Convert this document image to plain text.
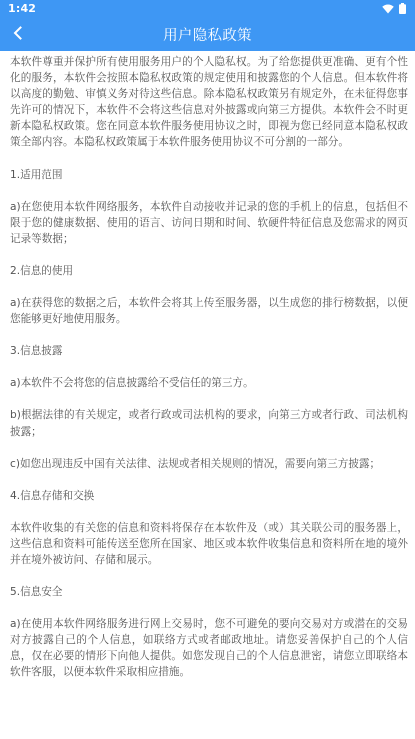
1:42
用户隐私政策

本软件尊重并保护所有使用服务用户的个人隐私权。为了给您提供更准确、更有个性化的服务，本软件会按照本隐私权政策的规定使用和披露您的个人信息。但本软件将以高度的勤勉、审慎义务对待这些信息。除本隐私权政策另有规定外，在未征得您事先许可的情况下，本软件不会将这些信息对外披露或向第三方提供。本软件会不时更新本隐私权政策。您在同意本软件服务使用协议之时，即视为您已经同意本隐私权政策全部内容。本隐私权政策属于本软件服务使用协议不可分割的一部分。

1.适用范围

a)在您使用本软件网络服务，本软件自动接收并记录的您的手机上的信息，包括但不限于您的健康数据、使用的语言、访问日期和时间、软硬件特征信息及您需求的网页记录等数据；

2.信息的使用

a)在获得您的数据之后，本软件会将其上传至服务器，以生成您的排行榜数据，以便您能够更好地使用服务。

3.信息披露

a)本软件不会将您的信息披露给不受信任的第三方。

b)根据法律的有关规定，或者行政或司法机构的要求，向第三方或者行政、司法机构披露；

c)如您出现违反中国有关法律、法规或者相关规则的情况，需要向第三方披露；

4.信息存储和交换

本软件收集的有关您的信息和资料将保存在本软件及（或）其关联公司的服务器上，这些信息和资料可能传送至您所在国家、地区或本软件收集信息和资料所在地的境外并在境外被访问、存储和展示。

5.信息安全

a)在使用本软件网络服务进行网上交易时，您不可避免的要向交易对方或潜在的交易对方披露自己的个人信息，如联络方式或者邮政地址。请您妥善保护自己的个人信息，仅在必要的情形下向他人提供。如您发现自己的个人信息泄密，请您立即联络本软件客服，以便本软件采取相应措施。
